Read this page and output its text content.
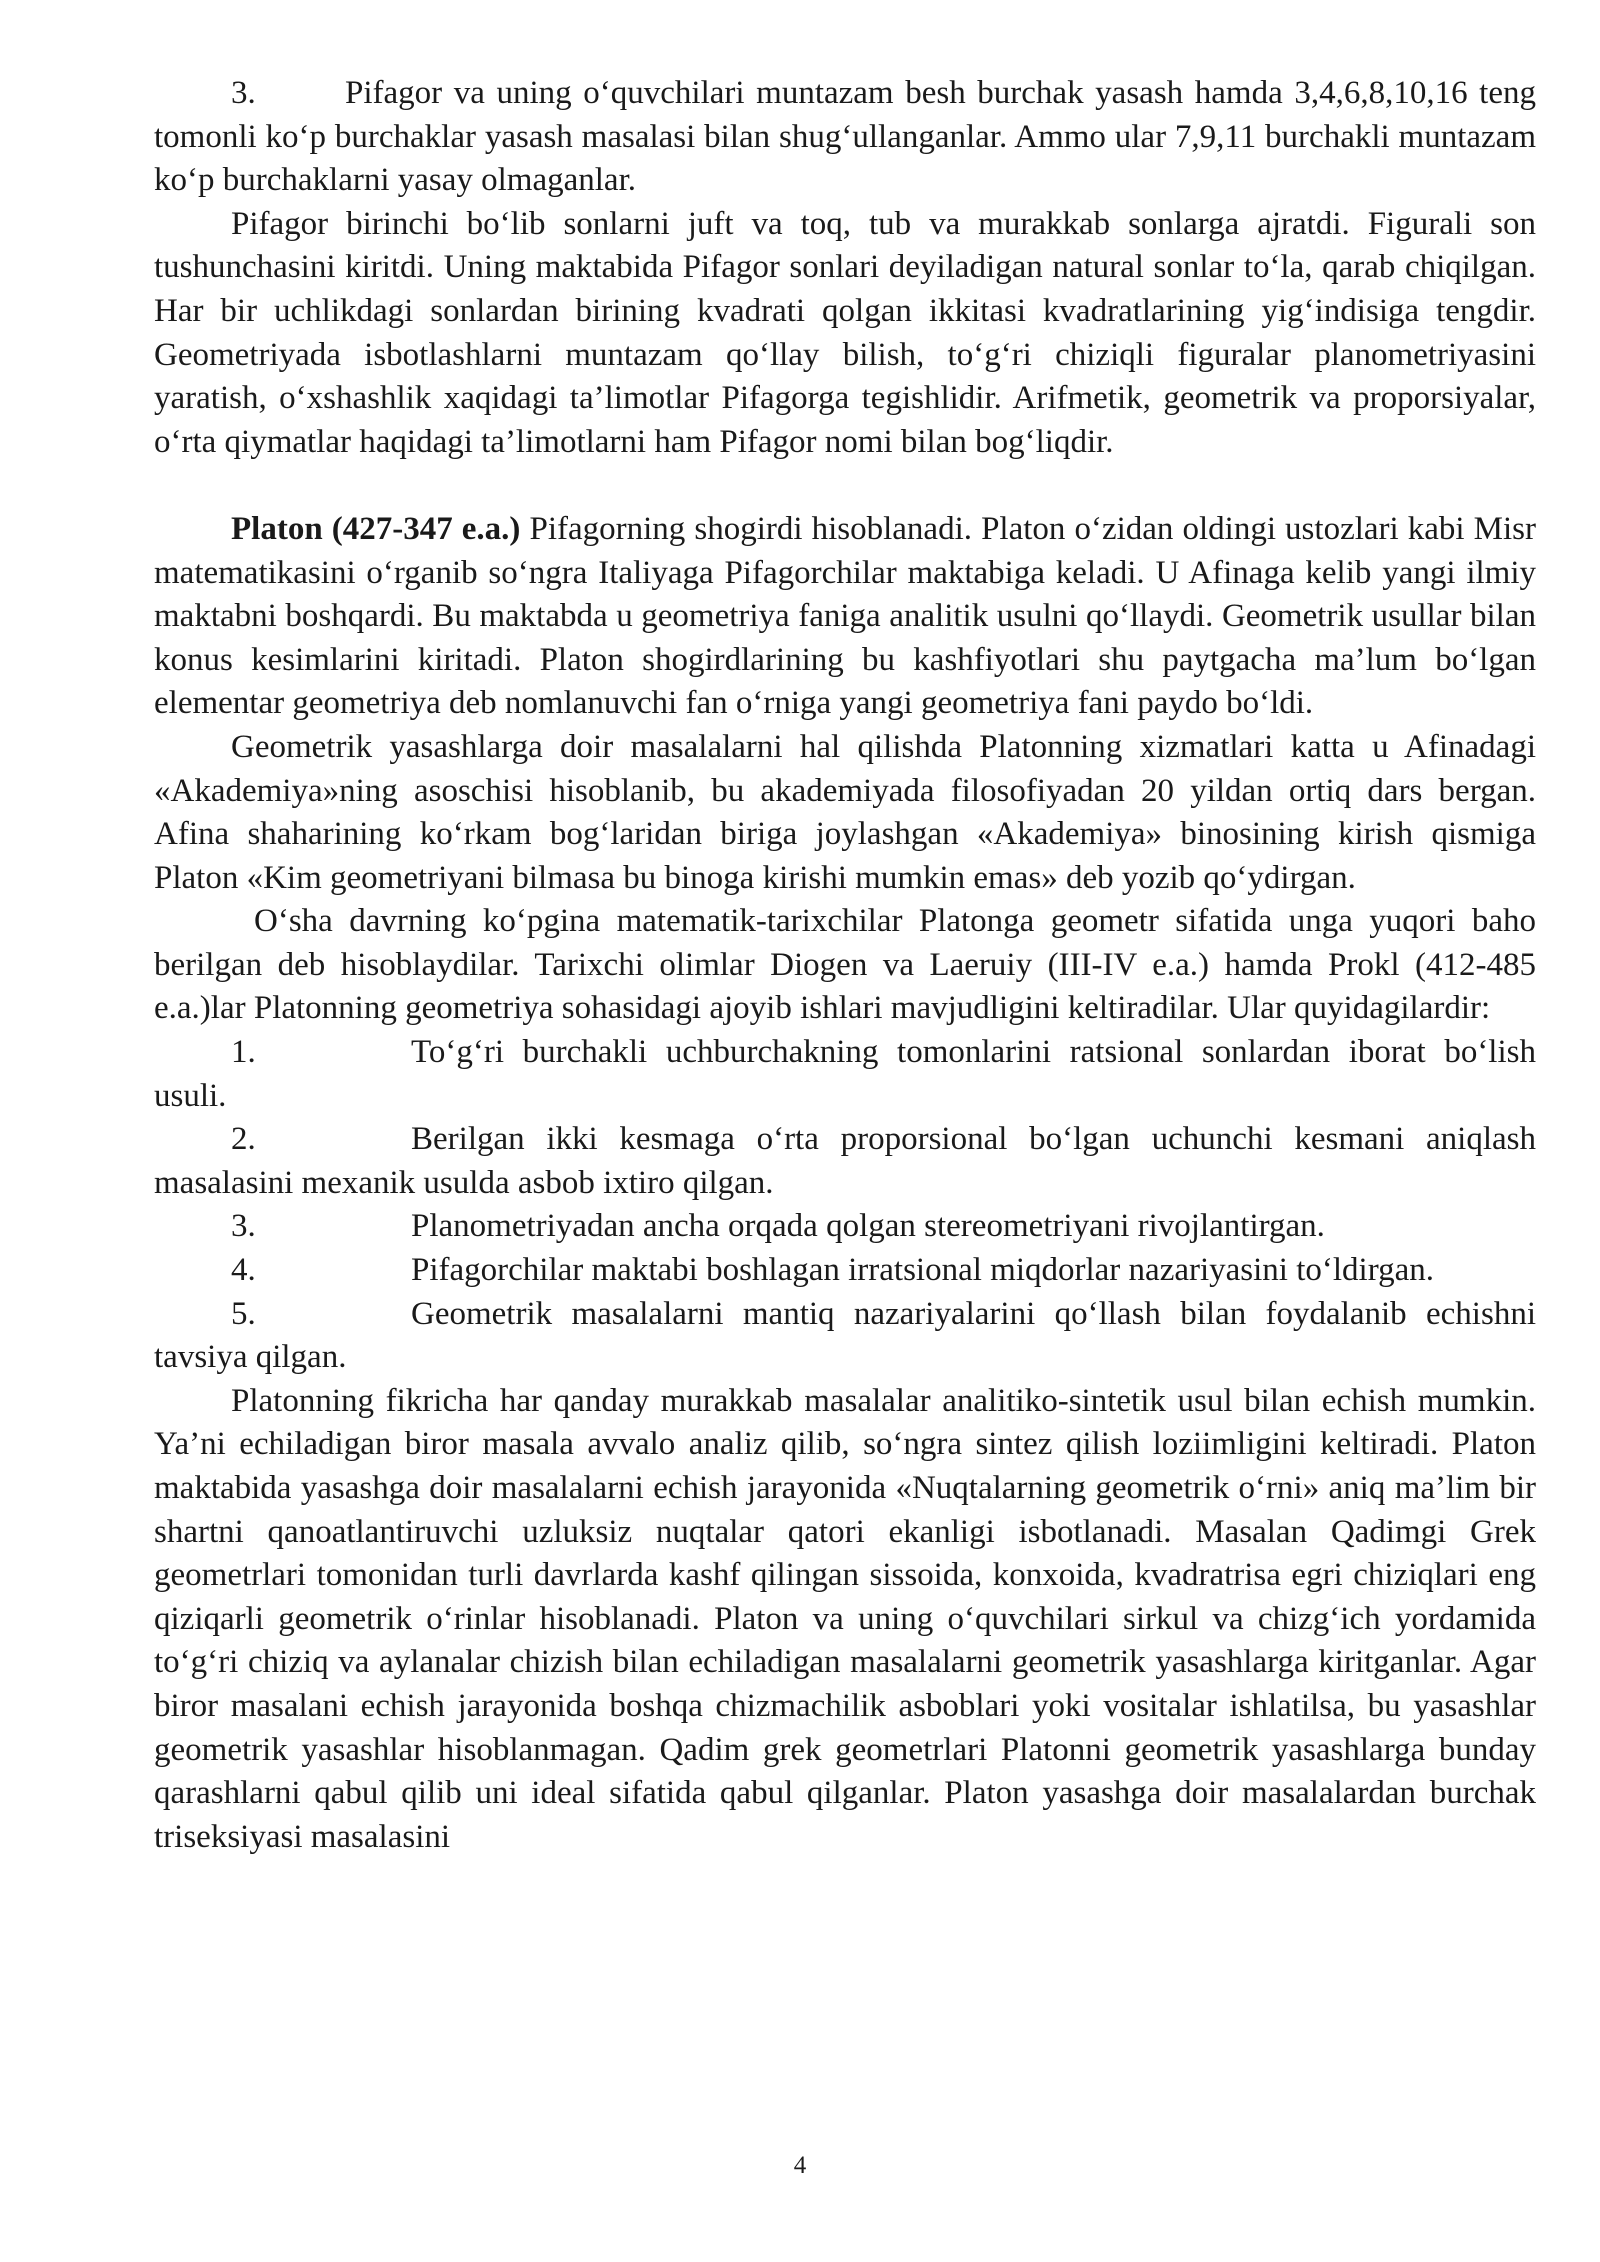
3.	Pifagor va uning o‘quvchilari muntazam besh burchak yasash hamda 3,4,6,8,10,16 teng tomonli ko‘p burchaklar yasash masalasi bilan shug‘ullanganlar. Ammo ular 7,9,11 burchakli muntazam ko‘p burchaklarni yasay olmaganlar.

Pifagor birinchi bo‘lib sonlarni juft va toq, tub va murakkab sonlarga ajratdi. Figurali son tushunchasini kiritdi. Uning maktabida Pifagor sonlari deyiladigan natural sonlar to‘la, qarab chiqilgan. Har bir uchlikdagi sonlardan birining kvadrati qolgan ikkitasi kvadratlarining yig‘indisiga tengdir. Geometriyada isbotlashlarni muntazam qo‘llay bilish, to‘g‘ri chiziqli figuralar planometriyasini yaratish, o‘xshashlik xaqidagi ta’limotlar Pifagorga tegishlidir. Arifmetik, geometrik va proporsiyalar, o‘rta qiymatlar haqidagi ta’limotlarni ham Pifagor nomi bilan bog‘liqdir.

Platon (427-347 e.a.) Pifagorning shogirdi hisoblanadi. Platon o‘zidan oldingi ustozlari kabi Misr matematikasini o‘rganib so‘ngra Italiyaga Pifagorchilar maktabiga keladi. U Afinaga kelib yangi ilmiy maktabni boshqardi. Bu maktabda u geometriya faniga analitik usulni qo‘llaydi. Geometrik usullar bilan konus kesimlarini kiritadi. Platon shogirdlarining bu kashfiyotlari shu paytgacha ma’lum bo‘lgan elementar geometriya deb nomlanuvchi fan o‘rniga yangi geometriya fani paydo bo‘ldi.

Geometrik yasashlarga doir masalalarni hal qilishda Platonning xizmatlari katta u Afinadagi «Akademiya»ning asoschisi hisoblanib, bu akademiyada filosofiyadan 20 yildan ortiq dars bergan. Afina shaharining ko‘rkam bog‘laridan biriga joylashgan «Akademiya» binosining kirish qismiga Platon «Kim geometriyani bilmasa bu binoga kirishi mumkin emas» deb yozib qo‘ydirgan.

O‘sha davrning ko‘pgina matematik-tarixchilar Platonga geometr sifatida unga yuqori baho berilgan deb hisoblaydilar. Tarixchi olimlar Diogen va Laeruiy (III-IV e.a.) hamda Prokl (412-485 e.a.)lar Platonning geometriya sohasidagi ajoyib ishlari mavjudligini keltiradilar. Ular quyidagilardir:

1.	To‘g‘ri burchakli uchburchakning tomonlarini ratsional sonlardan iborat bo‘lish usuli.

2.	Berilgan ikki kesmaga o‘rta proporsional bo‘lgan uchunchi kesmani aniqlash masalasini mexanik usulda asbob ixtiro qilgan.

3.	Planometriyadan ancha orqada qolgan stereometriyani rivojlantirgan.

4.	Pifagorchilar maktabi boshlagan irratsional miqdorlar nazariyasini to‘ldirgan.

5.	Geometrik masalalarni mantiq nazariyalarini qo‘llash bilan foydalanib echishni tavsiya qilgan.

Platonning fikricha har qanday murakkab masalalar analitiko-sintetik usul bilan echish mumkin. Ya’ni echiladigan biror masala avvalo analiz qilib, so‘ngra sintez qilish loziimligini keltiradi. Platon maktabida yasashga doir masalalarni echish jarayonida «Nuqtalarning geometrik o‘rni» aniq ma’lim bir shartni qanoatlantiruvchi uzluksiz nuqtalar qatori ekanligi isbotlanadi. Masalan Qadimgi Grek geometrlari tomonidan turli davrlarda kashf qilingan sissoida, konxoida, kvadratrisa egri chiziqlari eng qiziqarli geometrik o‘rinlar hisoblanadi. Platon va uning o‘quvchilari sirkul va chizg‘ich yordamida to‘g‘ri chiziq va aylanalar chizish bilan echiladigan masalalarni geometrik yasashlarga kiritganlar. Agar biror masalani echish jarayonida boshqa chizmachilik asboblari yoki vositalar ishlatilsa, bu yasashlar geometrik yasashlar hisoblanmagan. Qadim grek geometrlari Platonni geometrik yasashlarga bunday qarashlarni qabul qilib uni ideal sifatida qabul qilganlar. Platon yasashga doir masalalardan burchak triseksiyasi masalasini

4
